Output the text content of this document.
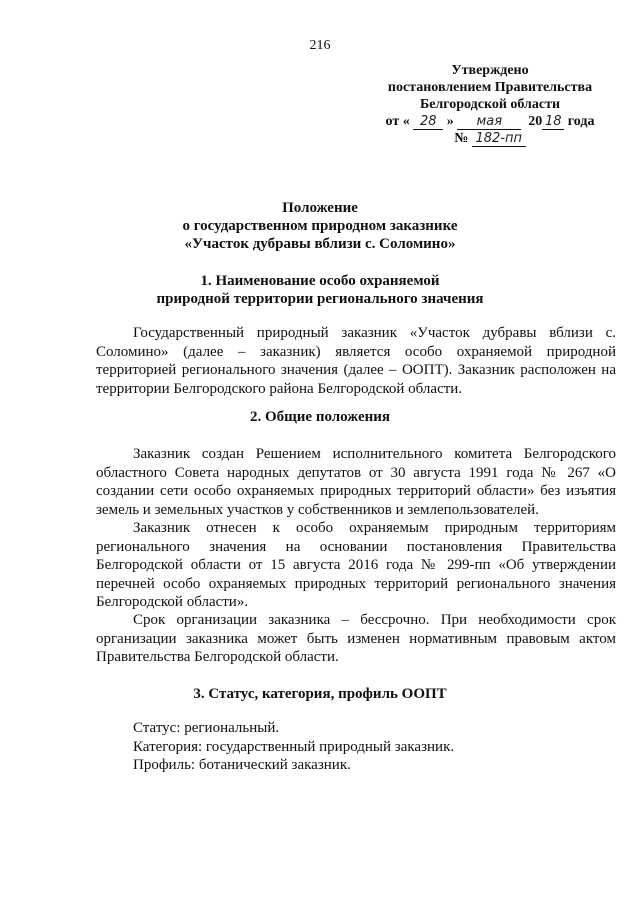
216
Утверждено
постановлением Правительства
Белгородской области
от « 28 » мая 20 18 года
№ 182-пп
Положение
о государственном природном заказнике
«Участок дубравы вблизи с. Соломино»
1. Наименование особо охраняемой
природной территории регионального значения

Государственный природный заказник «Участок дубравы вблизи с. Соломино» (далее – заказник) является особо охраняемой природной территорией регионального значения (далее – ООПТ). Заказник расположен на территории Белгородского района Белгородской области.

2. Общие положения

Заказник создан Решением исполнительного комитета Белгородского областного Совета народных депутатов от 30 августа 1991 года № 267 «О создании сети особо охраняемых природных территорий области» без изъятия земель и земельных участков у собственников и землепользователей.

Заказник отнесен к особо охраняемым природным территориям регионального значения на основании постановления Правительства Белгородской области от 15 августа 2016 года № 299-пп «Об утверждении перечней особо охраняемых природных территорий регионального значения Белгородской области».

Срок организации заказника – бессрочно. При необходимости срок организации заказника может быть изменен нормативным правовым актом Правительства Белгородской области.

3. Статус, категория, профиль ООПТ
Статус: региональный.
Категория: государственный природный заказник.
Профиль: ботанический заказник.
